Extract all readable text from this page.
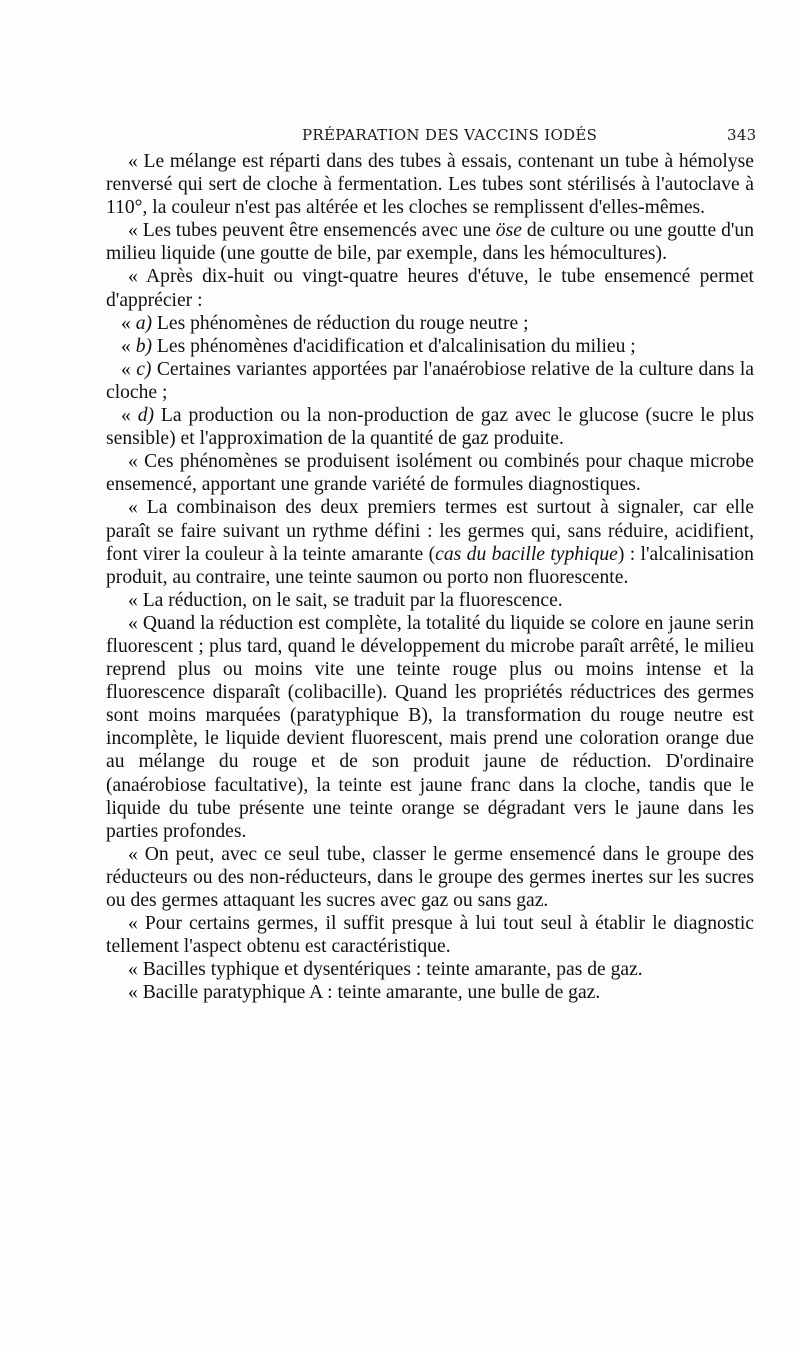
PRÉPARATION DES VACCINS IODÉS	343

« Le mélange est réparti dans des tubes à essais, contenant un tube à hémolyse renversé qui sert de cloche à fermentation. Les tubes sont stérilisés à l'autoclave à 110°, la couleur n'est pas altérée et les cloches se remplissent d'elles-mêmes.

« Les tubes peuvent être ensemencés avec une öse de culture ou une goutte d'un milieu liquide (une goutte de bile, par exemple, dans les hémocultures).

« Après dix-huit ou vingt-quatre heures d'étuve, le tube ensemencé permet d'apprécier :

« a) Les phénomènes de réduction du rouge neutre ;

« b) Les phénomènes d'acidification et d'alcalinisation du milieu ;

« c) Certaines variantes apportées par l'anaérobiose relative de la culture dans la cloche ;

« d) La production ou la non-production de gaz avec le glucose (sucre le plus sensible) et l'approximation de la quantité de gaz produite.

« Ces phénomènes se produisent isolément ou combinés pour chaque microbe ensemencé, apportant une grande variété de formules diagnostiques.

« La combinaison des deux premiers termes est surtout à signaler, car elle paraît se faire suivant un rythme défini : les germes qui, sans réduire, acidifient, font virer la couleur à la teinte amarante (cas du bacille typhique) : l'alcalinisation produit, au contraire, une teinte saumon ou porto non fluorescente.

« La réduction, on le sait, se traduit par la fluorescence.

« Quand la réduction est complète, la totalité du liquide se colore en jaune serin fluorescent ; plus tard, quand le développement du microbe paraît arrêté, le milieu reprend plus ou moins vite une teinte rouge plus ou moins intense et la fluorescence disparaît (colibacille). Quand les propriétés réductrices des germes sont moins marquées (paratyphique B), la transformation du rouge neutre est incomplète, le liquide devient fluorescent, mais prend une coloration orange due au mélange du rouge et de son produit jaune de réduction. D'ordinaire (anaérobiose facultative), la teinte est jaune franc dans la cloche, tandis que le liquide du tube présente une teinte orange se dégradant vers le jaune dans les parties profondes.

« On peut, avec ce seul tube, classer le germe ensemencé dans le groupe des réducteurs ou des non-réducteurs, dans le groupe des germes inertes sur les sucres ou des germes attaquant les sucres avec gaz ou sans gaz.

« Pour certains germes, il suffit presque à lui tout seul à établir le diagnostic tellement l'aspect obtenu est caractéristique.

« Bacilles typhique et dysentériques : teinte amarante, pas de gaz.

« Bacille paratyphique A : teinte amarante, une bulle de gaz.
